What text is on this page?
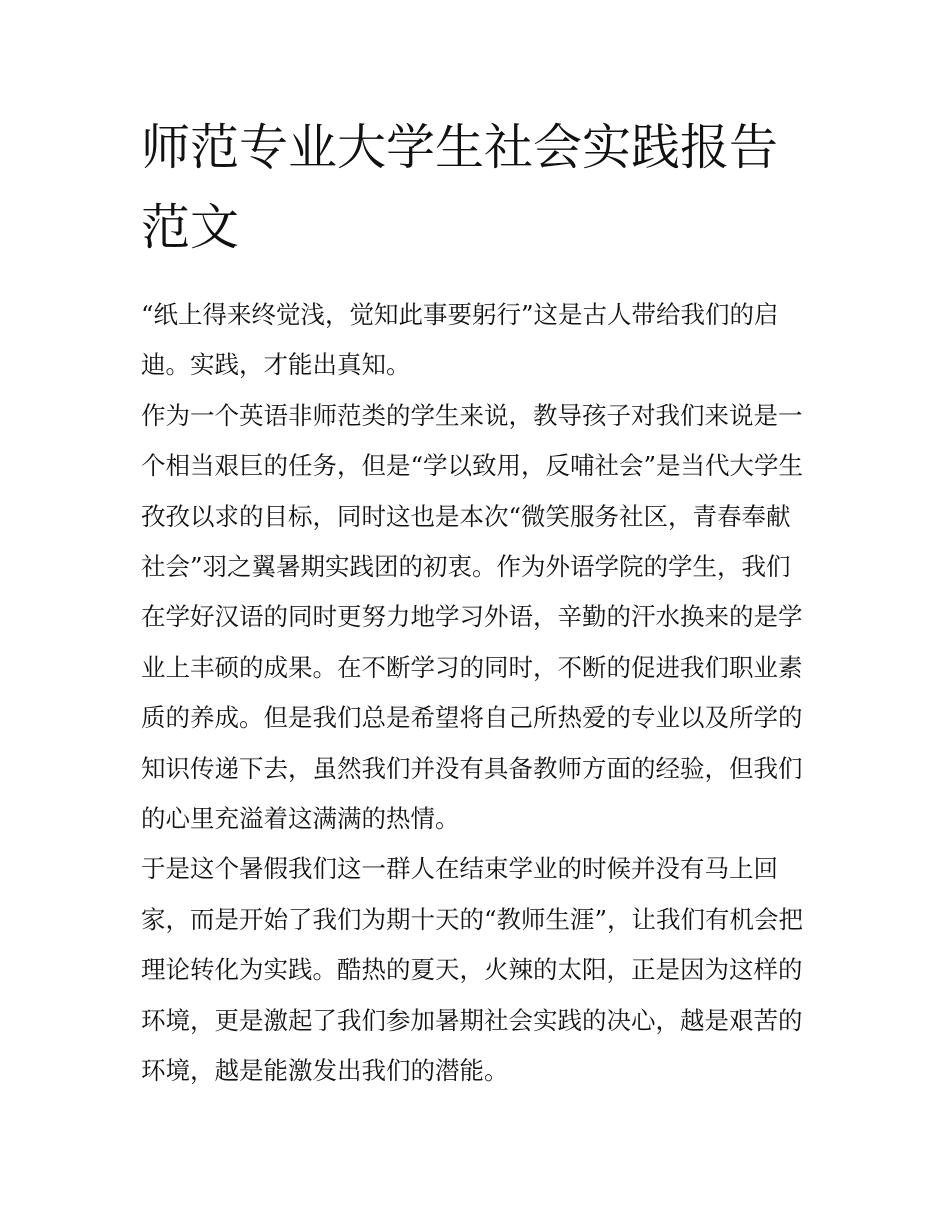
师范专业大学生社会实践报告范文

“纸上得来终觉浅，觉知此事要躬行”这是古人带给我们的启迪。实践，才能出真知。

作为一个英语非师范类的学生来说，教导孩子对我们来说是一个相当艰巨的任务，但是“学以致用，反哺社会”是当代大学生孜孜以求的目标，同时这也是本次“微笑服务社区，青春奉献社会”羽之翼暑期实践团的初衷。作为外语学院的学生，我们在学好汉语的同时更努力地学习外语，辛勤的汗水换来的是学业上丰硕的成果。在不断学习的同时，不断的促进我们职业素质的养成。但是我们总是希望将自己所热爱的专业以及所学的知识传递下去，虽然我们并没有具备教师方面的经验，但我们的心里充溢着这满满的热情。

于是这个暑假我们这一群人在结束学业的时候并没有马上回家，而是开始了我们为期十天的“教师生涯”，让我们有机会把理论转化为实践。酷热的夏天，火辣的太阳，正是因为这样的环境，更是激起了我们参加暑期社会实践的决心，越是艰苦的环境，越是能激发出我们的潜能。
